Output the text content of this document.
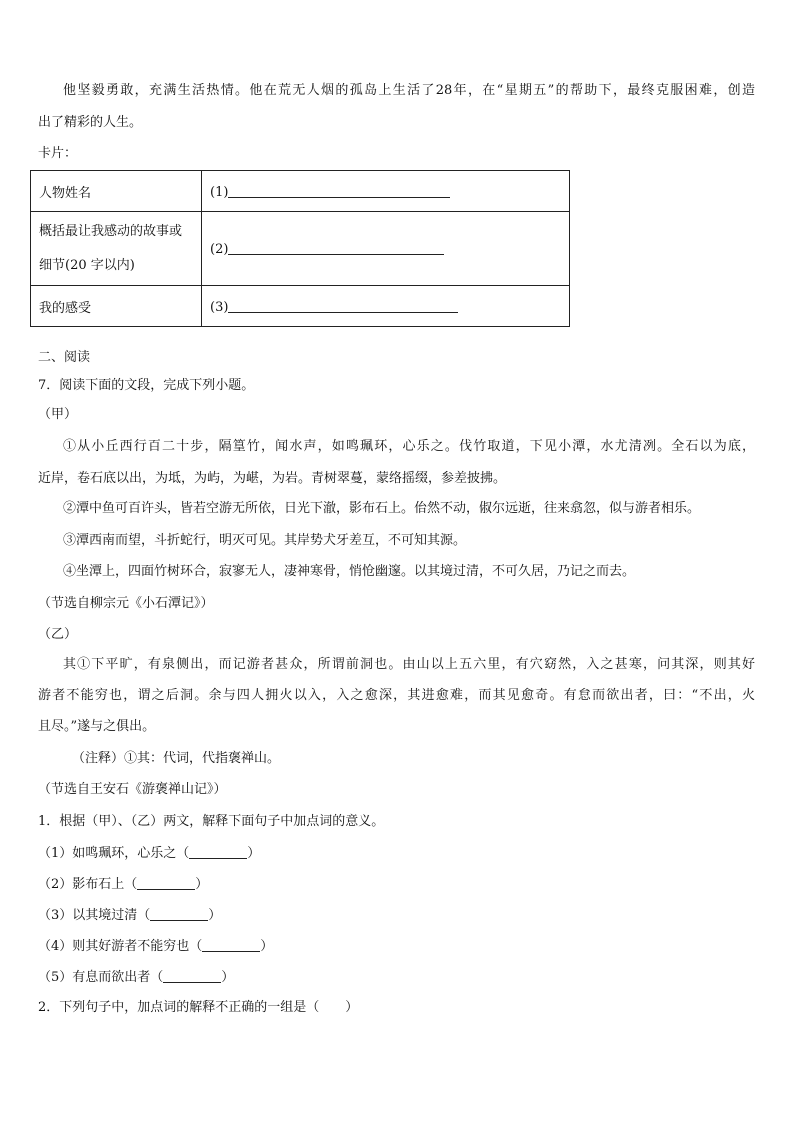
他坚毅勇敢，充满生活热情。他在荒无人烟的孤岛上生活了28年，在“星期五”的帮助下，最终克服困难，创造
出了精彩的人生。
卡片：
人物姓名	(1)

概括最让我感动的故事或
细节(20 字以内)	(2)
我的感受	(3)
二、阅读
7．阅读下面的文段，完成下列小题。
（甲）
①从小丘西行百二十步，隔篁竹，闻水声，如鸣珮环，心乐之。伐竹取道，下见小潭，水尤清冽。全石以为底，
近岸，卷石底以出，为坻，为屿，为嵁，为岩。青树翠蔓，蒙络摇缀，参差披拂。
②潭中鱼可百许头，皆若空游无所依，日光下澈，影布石上。佁然不动，俶尔远逝，往来翕忽，似与游者相乐。
③潭西南而望，斗折蛇行，明灭可见。其岸势犬牙差互，不可知其源。
④坐潭上，四面竹树环合，寂寥无人，凄神寒骨，悄怆幽邃。以其境过清，不可久居，乃记之而去。
（节选自柳宗元《小石潭记》）
（乙）
其①下平旷，有泉侧出，而记游者甚众，所谓前洞也。由山以上五六里，有穴窈然，入之甚寒，问其深，则其好
游者不能穷也，谓之后洞。余与四人拥火以入，入之愈深，其进愈难，而其见愈奇。有怠而欲出者，曰：“不出，火
且尽。”遂与之俱出。
（注释）①其：代词，代指褒禅山。
（节选自王安石《游褒禅山记》）
1．根据（甲）、（乙）两文，解释下面句子中加点词的意义。
（1）如鸣珮环，心乐之（	）
（2）影布石上（	）
（3）以其境过清（	）
（4）则其好游者不能穷也（	）
（5）有息而欲出者（	）
2．下列句子中，加点词的解释不正确的一组是（　　）
